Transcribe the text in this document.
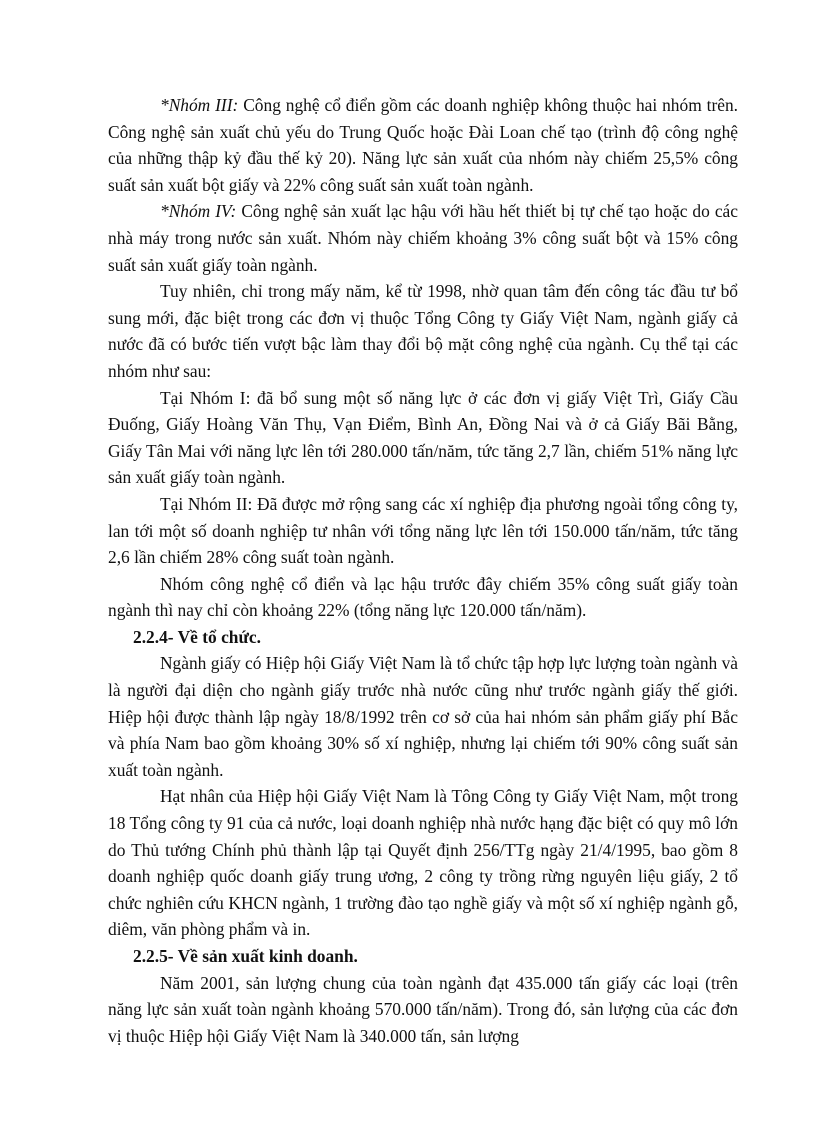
*Nhóm III: Công nghệ cổ điển gồm các doanh nghiệp không thuộc hai nhóm trên. Công nghệ sản xuất chủ yếu do Trung Quốc hoặc Đài Loan chế tạo (trình độ công nghệ của những thập kỷ đầu thế kỷ 20). Năng lực sản xuất của nhóm này chiếm 25,5% công suất sản xuất bột giấy và 22% công suất sản xuất toàn ngành.

*Nhóm IV: Công nghệ sản xuất lạc hậu với hầu hết thiết bị tự chế tạo hoặc do các nhà máy trong nước sản xuất. Nhóm này chiếm khoảng 3% công suất bột và 15% công suất sản xuất giấy toàn ngành.

Tuy nhiên, chỉ trong mấy năm, kể từ 1998, nhờ quan tâm đến công tác đầu tư bổ sung mới, đặc biệt trong các đơn vị thuộc Tổng Công ty Giấy Việt Nam, ngành giấy cả nước đã có bước tiến vượt bậc làm thay đổi bộ mặt công nghệ của ngành. Cụ thể tại các nhóm như sau:

Tại Nhóm I: đã bổ sung một số năng lực ở các đơn vị giấy Việt Trì, Giấy Cầu Đuống, Giấy Hoàng Văn Thụ, Vạn Điểm, Bình An, Đồng Nai và ở cả Giấy Bãi Bằng, Giấy Tân Mai với năng lực lên tới 280.000 tấn/năm, tức tăng 2,7 lần, chiếm 51% năng lực sản xuất giấy toàn ngành.

Tại Nhóm II: Đã được mở rộng sang các xí nghiệp địa phương ngoài tổng công ty, lan tới một số doanh nghiệp tư nhân với tổng năng lực lên tới 150.000 tấn/năm, tức tăng 2,6 lần chiếm 28% công suất toàn ngành.

Nhóm công nghệ cổ điển và lạc hậu trước đây chiếm 35% công suất giấy toàn ngành thì nay chỉ còn khoảng 22% (tổng năng lực 120.000 tấn/năm).

2.2.4- Về tổ chức.

Ngành giấy có Hiệp hội Giấy Việt Nam là tổ chức tập hợp lực lượng toàn ngành và là người đại diện cho ngành giấy trước nhà nước cũng như trước ngành giấy thế giới. Hiệp hội được thành lập ngày 18/8/1992 trên cơ sở của hai nhóm sản phẩm giấy phí Bắc và phía Nam bao gồm khoảng 30% số xí nghiệp, nhưng lại chiếm tới 90% công suất sản xuất toàn ngành.

Hạt nhân của Hiệp hội Giấy Việt Nam là Tông Công ty Giấy Việt Nam, một trong 18 Tổng công ty 91 của cả nước, loại doanh nghiệp nhà nước hạng đặc biệt có quy mô lớn do Thủ tướng Chính phủ thành lập tại Quyết định 256/TTg ngày 21/4/1995, bao gồm 8 doanh nghiệp quốc doanh giấy trung ương, 2 công ty trồng rừng nguyên liệu giấy, 2 tổ chức nghiên cứu KHCN ngành, 1 trường đào tạo nghề giấy và một số xí nghiệp ngành gỗ, diêm, văn phòng phẩm và in.

2.2.5- Về sản xuất kinh doanh.

Năm 2001, sản lượng chung của toàn ngành đạt 435.000 tấn giấy các loại (trên năng lực sản xuất toàn ngành khoảng 570.000 tấn/năm). Trong đó, sản lượng của các đơn vị thuộc Hiệp hội Giấy Việt Nam là 340.000 tấn, sản lượng
